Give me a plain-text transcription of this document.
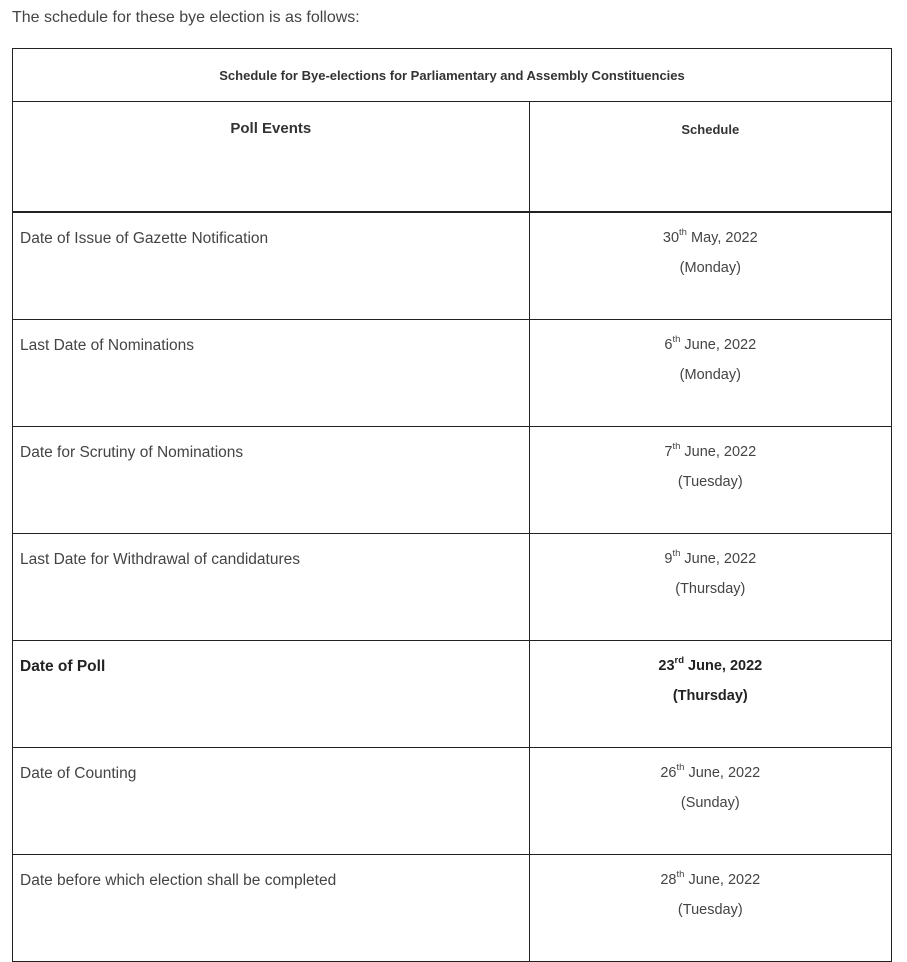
The schedule for these bye election is as follows:
Schedule for Bye-elections for Parliamentary and Assembly Constituencies	
Poll Events	Schedule
Date of Issue of Gazette Notification	30th May, 2022
(Monday)

Last Date of Nominations	6th June, 2022
(Monday)

Date for Scrutiny of Nominations	7th June, 2022
(Tuesday)

Last Date for Withdrawal of candidatures	9th June, 2022
(Thursday)

Date of Poll	23rd June, 2022
(Thursday)

Date of Counting	26th June, 2022
(Sunday)

Date before which election shall be completed	28th June, 2022
(Tuesday)
